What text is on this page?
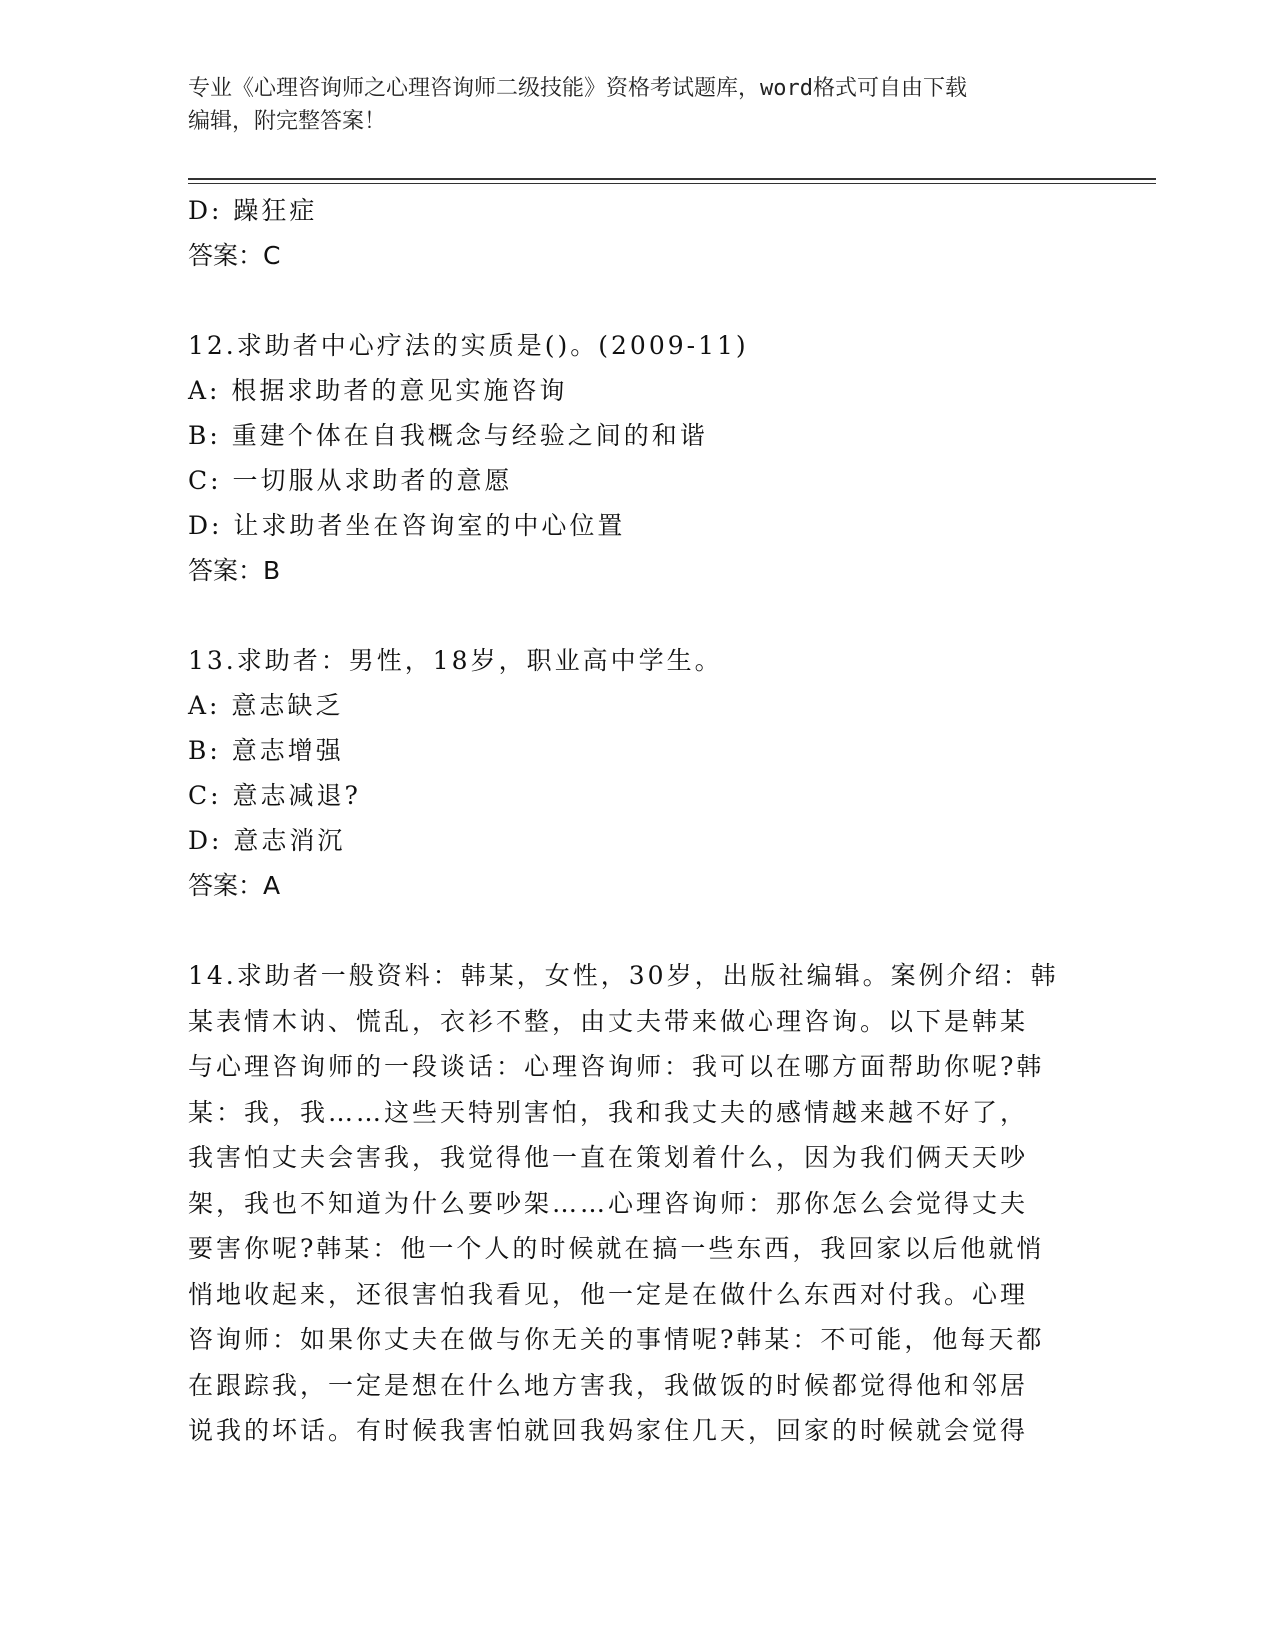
专业《心理咨询师之心理咨询师二级技能》资格考试题库，word格式可自由下载
编辑，附完整答案！

D: 躁狂症

答案：C

12.求助者中心疗法的实质是()。(2009-11)

A: 根据求助者的意见实施咨询

B: 重建个体在自我概念与经验之间的和谐

C: 一切服从求助者的意愿

D: 让求助者坐在咨询室的中心位置

答案：B

13.求助者：男性，18岁，职业高中学生。

A: 意志缺乏

B: 意志增强

C: 意志减退?

D: 意志消沉

答案：A

14.求助者一般资料：韩某，女性，30岁，出版社编辑。案例介绍：韩

某表情木讷、慌乱，衣衫不整，由丈夫带来做心理咨询。以下是韩某

与心理咨询师的一段谈话：心理咨询师：我可以在哪方面帮助你呢?韩

某：我，我……这些天特别害怕，我和我丈夫的感情越来越不好了，

我害怕丈夫会害我，我觉得他一直在策划着什么，因为我们俩天天吵

架，我也不知道为什么要吵架……心理咨询师：那你怎么会觉得丈夫

要害你呢?韩某：他一个人的时候就在搞一些东西，我回家以后他就悄

悄地收起来，还很害怕我看见，他一定是在做什么东西对付我。心理

咨询师：如果你丈夫在做与你无关的事情呢?韩某：不可能，他每天都

在跟踪我，一定是想在什么地方害我，我做饭的时候都觉得他和邻居

说我的坏话。有时候我害怕就回我妈家住几天，回家的时候就会觉得
